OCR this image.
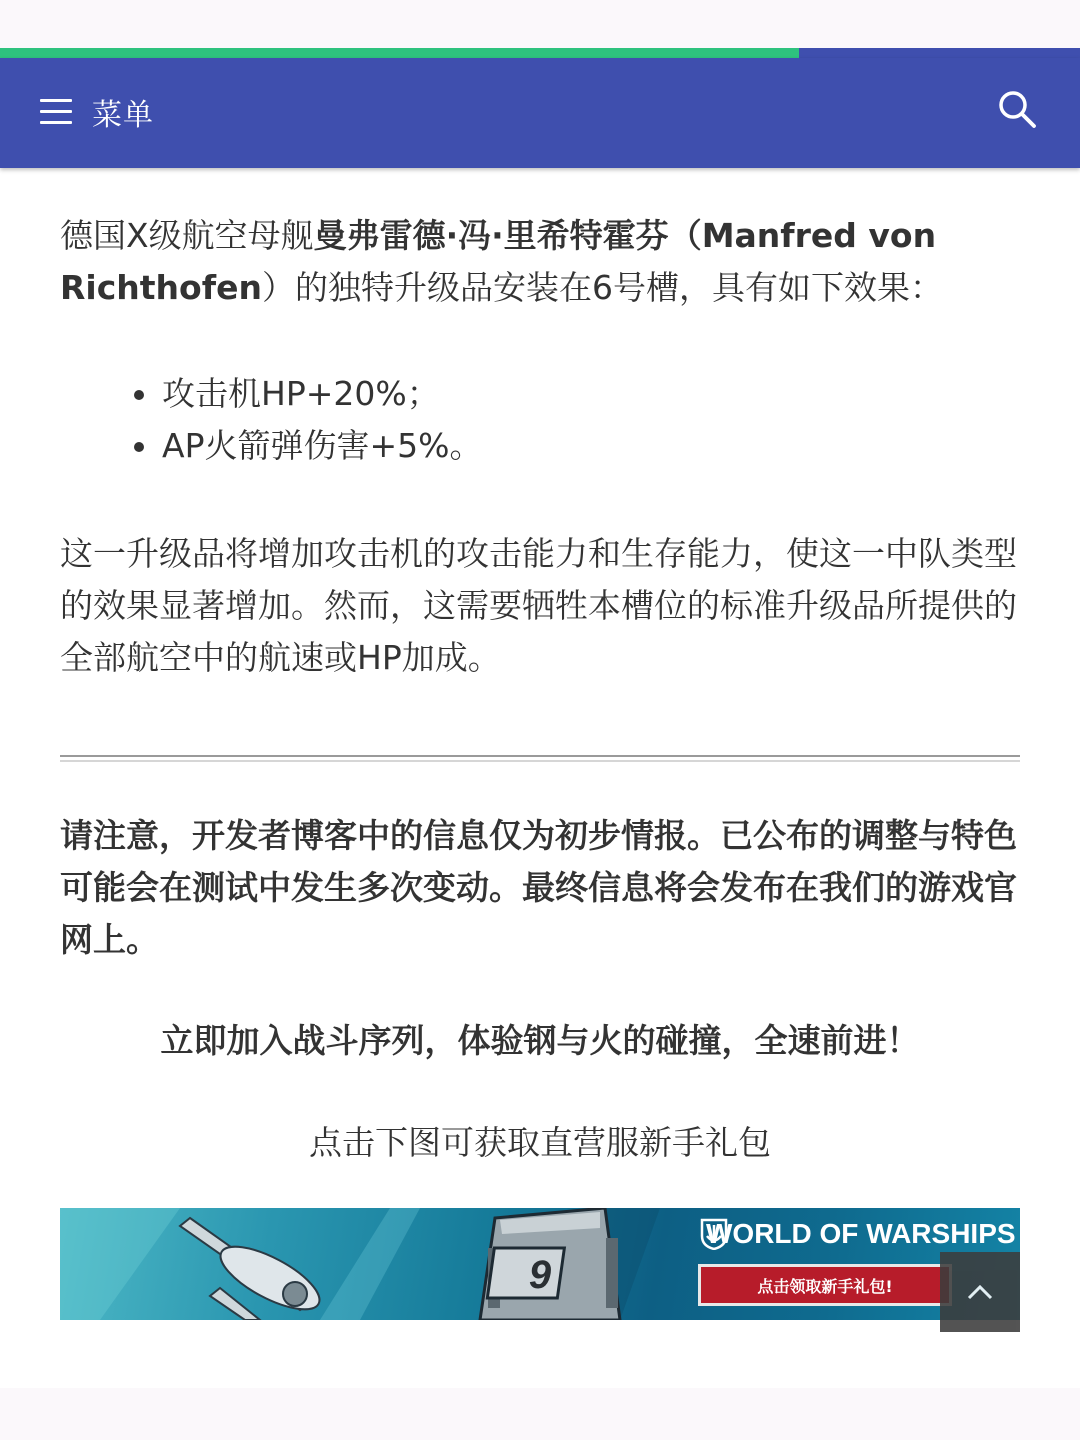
菜单

德国X级航空母舰曼弗雷德·冯·里希特霍芬（Manfred von Richthofen）的独特升级品安装在6号槽，具有如下效果：

攻击机HP+20%；
AP火箭弹伤害+5%。

这一升级品将增加攻击机的攻击能力和生存能力，使这一中队类型的效果显著增加。然而，这需要牺牲本槽位的标准升级品所提供的全部航空中的航速或HP加成。

请注意，开发者博客中的信息仅为初步情报。已公布的调整与特色可能会在测试中发生多次变动。最终信息将会发布在我们的游戏官网上。

立即加入战斗序列，体验钢与火的碰撞，全速前进！

点击下图可获取直营服新手礼包

9
WORLD OF WARSHIPS
点击领取新手礼包!
